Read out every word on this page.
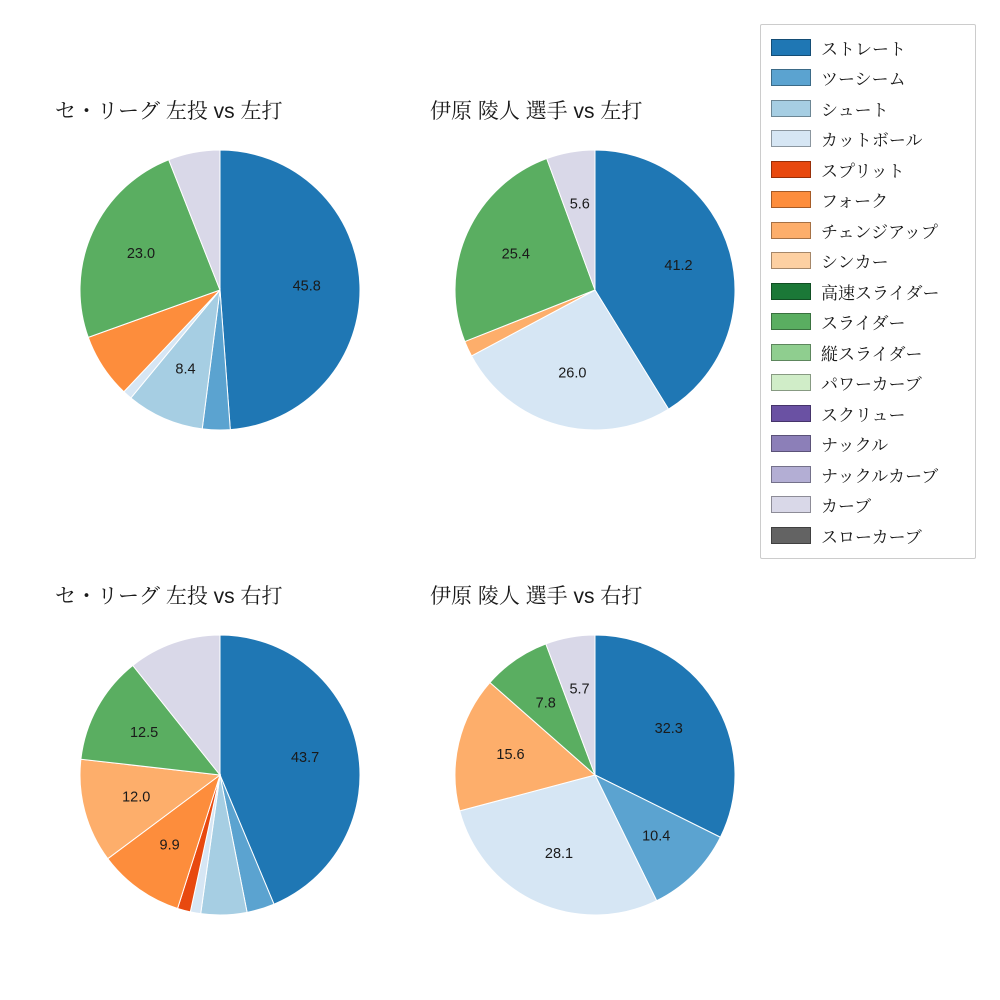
セ・リーグ 左投 vs 左打
45.8
8.4
23.0
伊原 陵人 選手 vs 左打
41.2
26.0
25.4
5.6
セ・リーグ 左投 vs 右打
43.7
9.9
12.0
12.5
伊原 陵人 選手 vs 右打
32.3
10.4
28.1
15.6
7.8
5.7
ストレート
ツーシーム
シュート
カットボール
スプリット
フォーク
チェンジアップ
シンカー
高速スライダー
スライダー
縦スライダー
パワーカーブ
スクリュー
ナックル
ナックルカーブ
カーブ
スローカーブ
